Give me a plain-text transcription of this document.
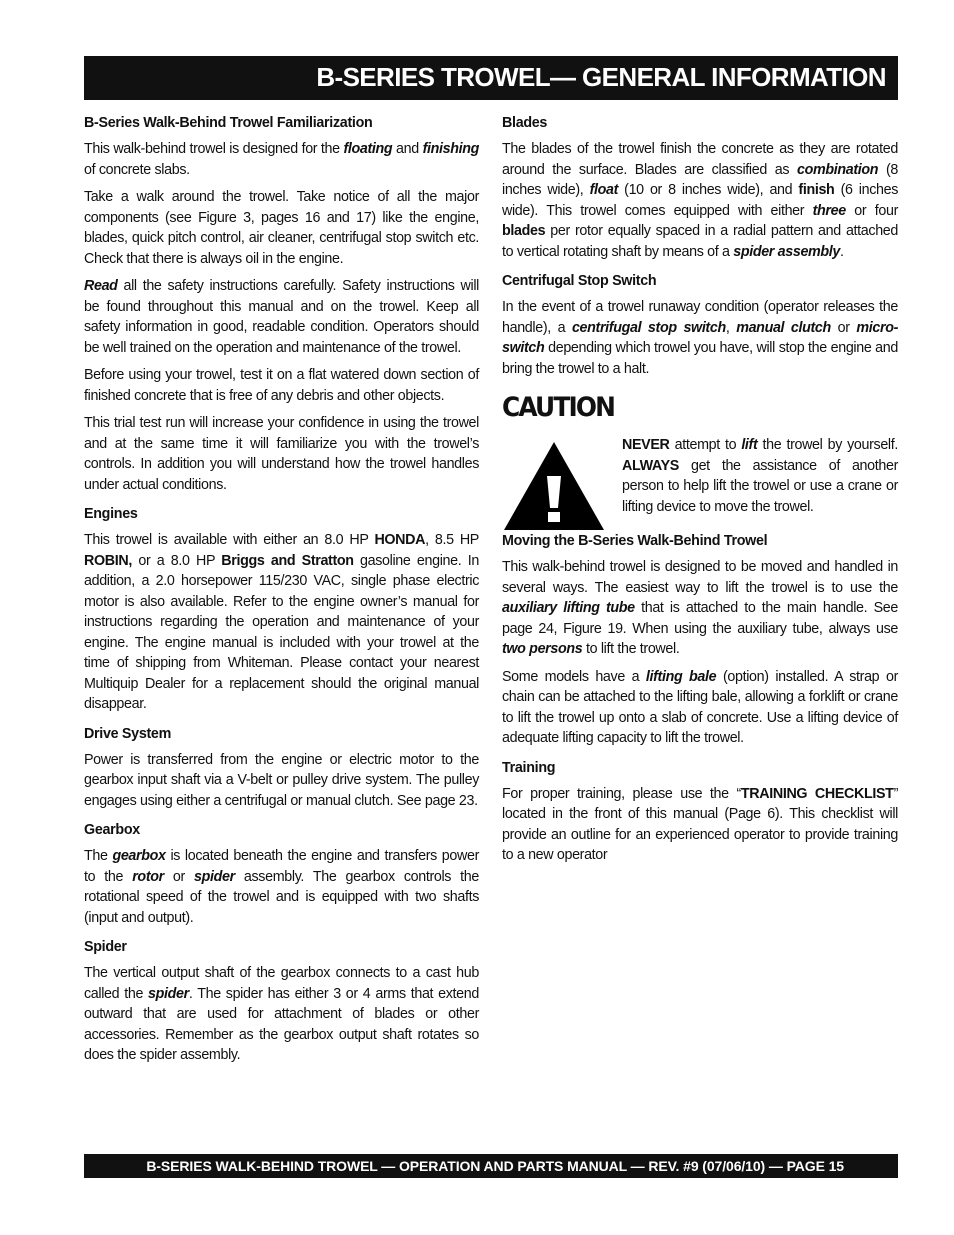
B-SERIES TROWEL— GENERAL INFORMATION
B-Series Walk-Behind Trowel Familiarization

This walk-behind trowel is designed for the floating and finishing of concrete slabs.

Take a walk around the trowel. Take notice of all the major components (see Figure 3, pages 16 and 17) like the engine, blades, quick pitch control, air cleaner, centrifugal stop switch etc. Check that there is always oil in the engine.

Read all the safety instructions carefully. Safety instructions will be found throughout this manual and on the trowel. Keep all safety information in good, readable condition. Operators should be well trained on the operation and maintenance of the trowel.

Before using your trowel, test it on a flat watered down section of finished concrete that is free of any debris and other objects.

This trial test run will increase your confidence in using the trowel and at the same time it will familiarize you with the trowel’s controls. In addition you will understand how the trowel handles under actual conditions.

Engines

This trowel is available with either an 8.0 HP HONDA, 8.5 HP ROBIN, or a 8.0 HP Briggs and Stratton gasoline engine. In addition, a 2.0 horsepower 115/230 VAC, single phase electric motor is also available. Refer to the engine owner’s manual for instructions regarding the operation and maintenance of your engine. The engine manual is included with your trowel at the time of shipping from Whiteman. Please contact your nearest Multiquip Dealer for a replacement should the original manual disappear.

Drive System

Power is transferred from the engine or electric motor to the gearbox input shaft via a V-belt or pulley drive system. The pulley engages using either a centrifugal or manual clutch. See page 23.

Gearbox

The gearbox is located beneath the engine and transfers power to the rotor or spider assembly. The gearbox controls the rotational speed of the trowel and is equipped with two shafts (input and output).

Spider

The vertical output shaft of the gearbox connects to a cast hub called the spider. The spider has either 3 or 4 arms that extend outward that are used for attachment of blades or other accessories. Remember as the gearbox output shaft rotates so does the spider assembly.

Blades

The blades of the trowel finish the concrete as they are rotated around the surface. Blades are classified as combination (8 inches wide), float (10 or 8 inches wide), and finish (6 inches wide). This trowel comes equipped with either three or four blades per rotor equally spaced in a radial pattern and attached to vertical rotating shaft by means of a spider assembly.

Centrifugal Stop Switch

In the event of a trowel runaway condition (operator releases the handle), a centrifugal stop switch, manual clutch or micro-switch depending which trowel you have, will stop the engine and bring the trowel to a halt.

CAUTION

NEVER attempt to lift the trowel by yourself. ALWAYS get the assistance of another person to help lift the trowel or use a crane or lifting device to move the trowel.

Moving the B-Series Walk-Behind Trowel

This walk-behind trowel is designed to be moved and handled in several ways. The easiest way to lift the trowel is to use the auxiliary lifting tube that is attached to the main handle. See page 24, Figure 19. When using the auxiliary tube, always use two persons to lift the trowel.

Some models have a lifting bale (option) installed. A strap or chain can be attached to the lifting bale, allowing a forklift or crane to lift the trowel up onto a slab of concrete. Use a lifting device of adequate lifting capacity to lift the trowel.

Training

For proper training, please use the “TRAINING CHECKLIST” located in the front of this manual (Page 6). This checklist will provide an outline for an experienced operator to provide training to a new operator

B-SERIES WALK-BEHIND TROWEL — OPERATION AND PARTS MANUAL — REV. #9 (07/06/10) — PAGE 15
